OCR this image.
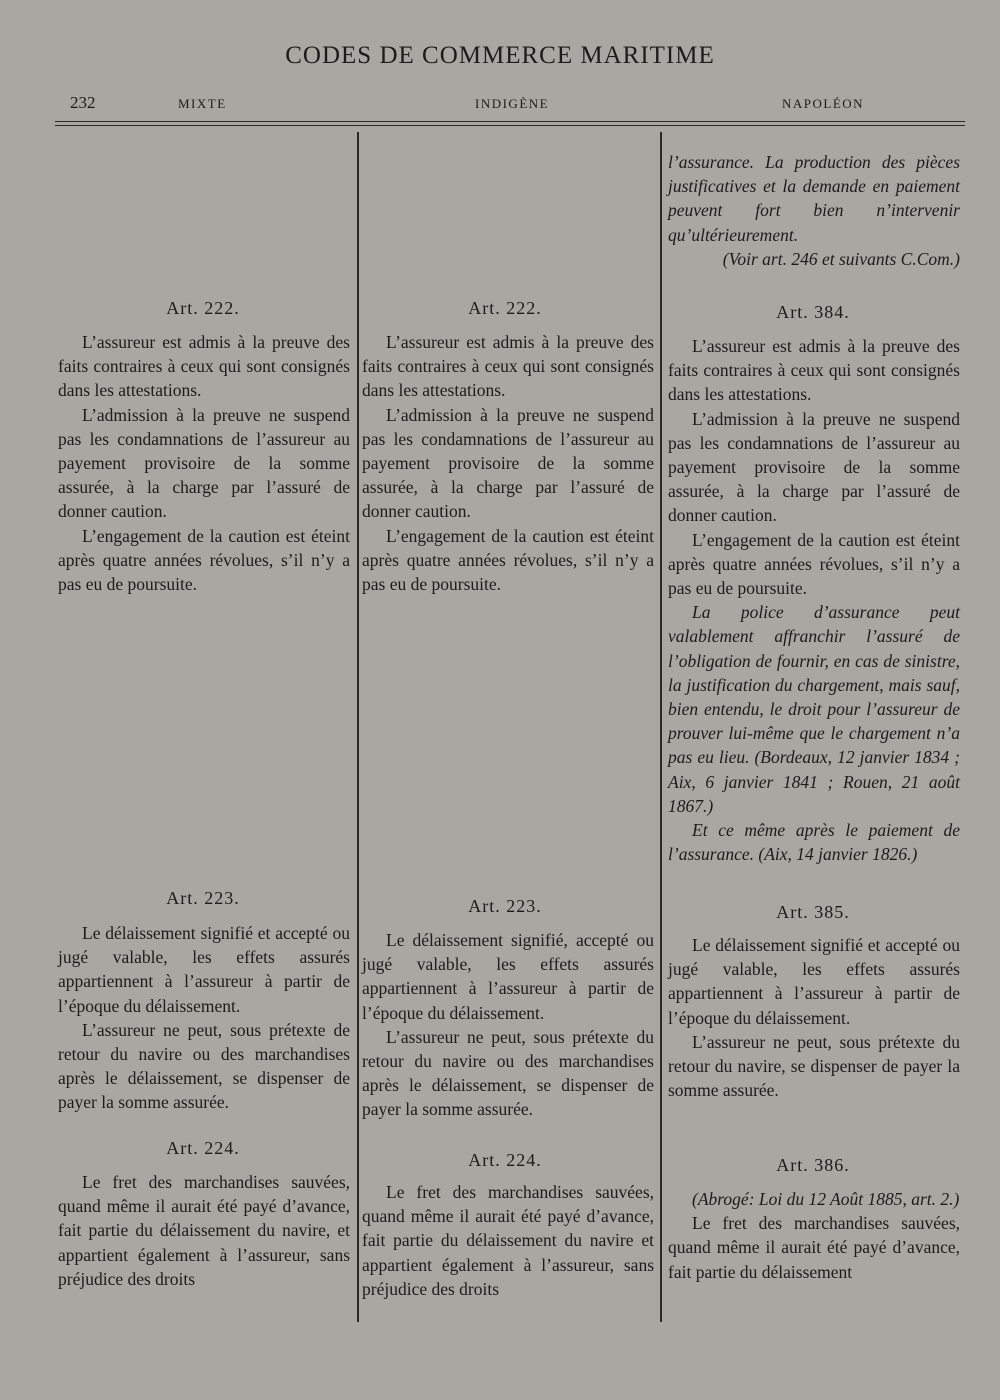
CODES DE COMMERCE MARITIME
232	MIXTE	INDIGÈNE	NAPOLÉON
Art. 222.

L’assureur est admis à la preuve des faits contraires à ceux qui sont consignés dans les attestations.

L’admission à la preuve ne suspend pas les condamnations de l’assureur au payement provisoire de la somme assurée, à la charge par l’assuré de donner caution.

L’engagement de la caution est éteint après quatre années révolues, s’il n’y a pas eu de poursuite.

Art. 223.

Le délaissement signifié et accepté ou jugé valable, les effets assurés appartiennent à l’assureur à partir de l’époque du délaissement.

L’assureur ne peut, sous prétexte de retour du navire ou des marchandises après le délaissement, se dispenser de payer la somme assurée.

Art. 224.

Le fret des marchandises sauvées, quand même il aurait été payé d’avance, fait partie du délaissement du navire, et appartient également à l’assureur, sans préjudice des droits

Art. 222.

L’assureur est admis à la preuve des faits contraires à ceux qui sont consignés dans les attestations.

L’admission à la preuve ne suspend pas les condamnations de l’assureur au payement provisoire de la somme assurée, à la charge par l’assuré de donner caution.

L’engagement de la caution est éteint après quatre années révolues, s’il n’y a pas eu de poursuite.

Art. 223.

Le délaissement signifié, accepté ou jugé valable, les effets assurés appartiennent à l’assureur à partir de l’époque du délaissement.

L’assureur ne peut, sous prétexte du retour du navire ou des marchandises après le délaissement, se dispenser de payer la somme assurée.

Art. 224.

Le fret des marchandises sauvées, quand même il aurait été payé d’avance, fait partie du délaissement du navire et appartient également à l’assureur, sans préjudice des droits

l’assurance. La production des pièces justificatives et la demande en paiement peuvent fort bien n’intervenir qu’ultérieurement.

(Voir art. 246 et suivants C.Com.)

Art. 384.

L’assureur est admis à la preuve des faits contraires à ceux qui sont consignés dans les attestations.

L’admission à la preuve ne suspend pas les condamnations de l’assureur au payement provisoire de la somme assurée, à la charge par l’assuré de donner caution.

L’engagement de la caution est éteint après quatre années révolues, s’il n’y a pas eu de poursuite.

La police d’assurance peut valablement affranchir l’assuré de l’obligation de fournir, en cas de sinistre, la justification du chargement, mais sauf, bien entendu, le droit pour l’assureur de prouver lui-même que le chargement n’a pas eu lieu. (Bordeaux, 12 janvier 1834 ; Aix, 6 janvier 1841 ; Rouen, 21 août 1867.)

Et ce même après le paiement de l’assurance. (Aix, 14 janvier 1826.)

Art. 385.

Le délaissement signifié et accepté ou jugé valable, les effets assurés appartiennent à l’assureur à partir de l’époque du délaissement.

L’assureur ne peut, sous prétexte du retour du navire, se dispenser de payer la somme assurée.

Art. 386.

(Abrogé: Loi du 12 Août 1885, art. 2.)

Le fret des marchandises sauvées, quand même il aurait été payé d’avance, fait partie du délaissement
